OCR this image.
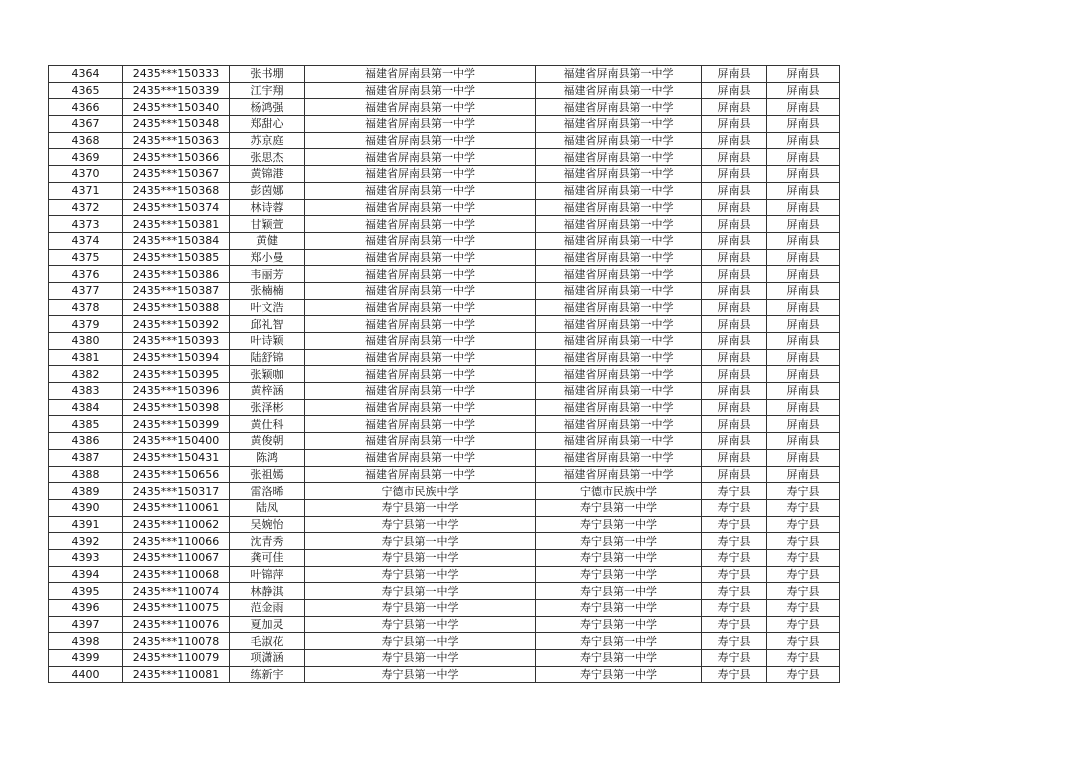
4364	2435***150333	张书堋	福建省屏南县第一中学	福建省屏南县第一中学	屏南县	屏南县
4365	2435***150339	江宇翔	福建省屏南县第一中学	福建省屏南县第一中学	屏南县	屏南县
4366	2435***150340	杨鸿强	福建省屏南县第一中学	福建省屏南县第一中学	屏南县	屏南县
4367	2435***150348	郑甜心	福建省屏南县第一中学	福建省屏南县第一中学	屏南县	屏南县
4368	2435***150363	苏京庭	福建省屏南县第一中学	福建省屏南县第一中学	屏南县	屏南县
4369	2435***150366	张思杰	福建省屏南县第一中学	福建省屏南县第一中学	屏南县	屏南县
4370	2435***150367	黄锦港	福建省屏南县第一中学	福建省屏南县第一中学	屏南县	屏南县
4371	2435***150368	彭茵娜	福建省屏南县第一中学	福建省屏南县第一中学	屏南县	屏南县
4372	2435***150374	林诗蓉	福建省屏南县第一中学	福建省屏南县第一中学	屏南县	屏南县
4373	2435***150381	甘颖萱	福建省屏南县第一中学	福建省屏南县第一中学	屏南县	屏南县
4374	2435***150384	黄健	福建省屏南县第一中学	福建省屏南县第一中学	屏南县	屏南县
4375	2435***150385	郑小曼	福建省屏南县第一中学	福建省屏南县第一中学	屏南县	屏南县
4376	2435***150386	韦丽芳	福建省屏南县第一中学	福建省屏南县第一中学	屏南县	屏南县
4377	2435***150387	张楠楠	福建省屏南县第一中学	福建省屏南县第一中学	屏南县	屏南县
4378	2435***150388	叶文浩	福建省屏南县第一中学	福建省屏南县第一中学	屏南县	屏南县
4379	2435***150392	邱礼智	福建省屏南县第一中学	福建省屏南县第一中学	屏南县	屏南县
4380	2435***150393	叶诗颖	福建省屏南县第一中学	福建省屏南县第一中学	屏南县	屏南县
4381	2435***150394	陆舒锦	福建省屏南县第一中学	福建省屏南县第一中学	屏南县	屏南县
4382	2435***150395	张颖咖	福建省屏南县第一中学	福建省屏南县第一中学	屏南县	屏南县
4383	2435***150396	黄梓涵	福建省屏南县第一中学	福建省屏南县第一中学	屏南县	屏南县
4384	2435***150398	张泽彬	福建省屏南县第一中学	福建省屏南县第一中学	屏南县	屏南县
4385	2435***150399	黄仕科	福建省屏南县第一中学	福建省屏南县第一中学	屏南县	屏南县
4386	2435***150400	黄俊朝	福建省屏南县第一中学	福建省屏南县第一中学	屏南县	屏南县
4387	2435***150431	陈鸿	福建省屏南县第一中学	福建省屏南县第一中学	屏南县	屏南县
4388	2435***150656	张祖嫣	福建省屏南县第一中学	福建省屏南县第一中学	屏南县	屏南县
4389	2435***150317	雷洛晞	宁德市民族中学	宁德市民族中学	寿宁县	寿宁县
4390	2435***110061	陆凤	寿宁县第一中学	寿宁县第一中学	寿宁县	寿宁县
4391	2435***110062	吴婉怡	寿宁县第一中学	寿宁县第一中学	寿宁县	寿宁县
4392	2435***110066	沈青秀	寿宁县第一中学	寿宁县第一中学	寿宁县	寿宁县
4393	2435***110067	龚可佳	寿宁县第一中学	寿宁县第一中学	寿宁县	寿宁县
4394	2435***110068	叶锦萍	寿宁县第一中学	寿宁县第一中学	寿宁县	寿宁县
4395	2435***110074	林静淇	寿宁县第一中学	寿宁县第一中学	寿宁县	寿宁县
4396	2435***110075	范金雨	寿宁县第一中学	寿宁县第一中学	寿宁县	寿宁县
4397	2435***110076	夏加灵	寿宁县第一中学	寿宁县第一中学	寿宁县	寿宁县
4398	2435***110078	毛淑花	寿宁县第一中学	寿宁县第一中学	寿宁县	寿宁县
4399	2435***110079	项潇涵	寿宁县第一中学	寿宁县第一中学	寿宁县	寿宁县
4400	2435***110081	练新宇	寿宁县第一中学	寿宁县第一中学	寿宁县	寿宁县
